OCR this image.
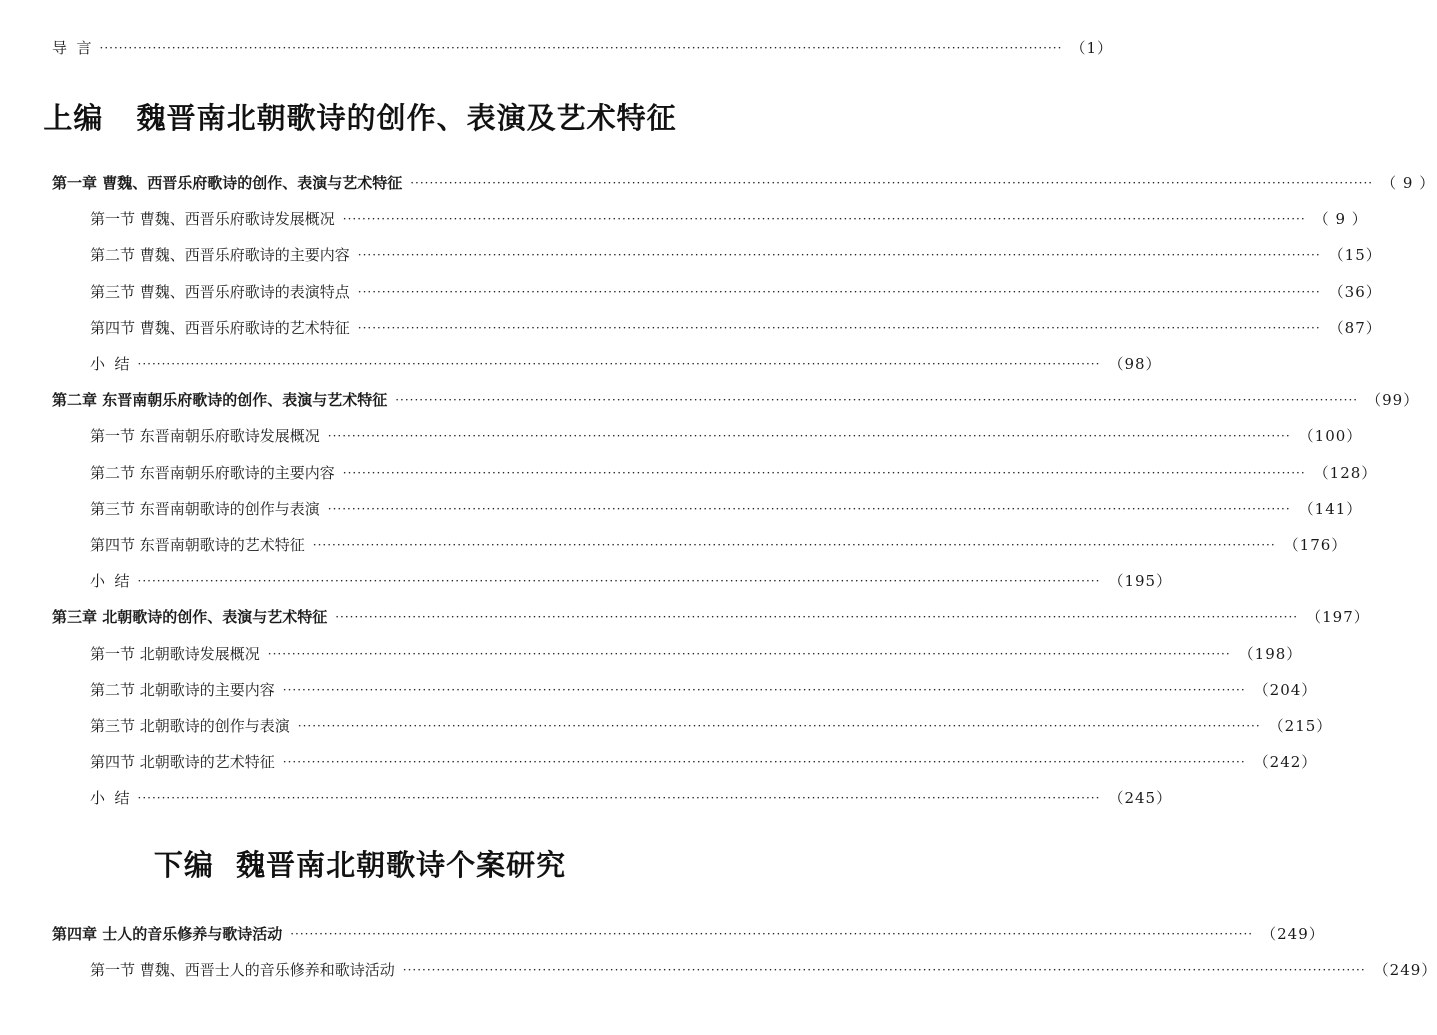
导  言 ········································································································································································································ （1）
上编   魏晋南北朝歌诗的创作、表演及艺术特征
第一章 曹魏、西晋乐府歌诗的创作、表演与艺术特征 ········································································································································································································ （ 9 ）
第一节 曹魏、西晋乐府歌诗发展概况 ········································································································································································································ （ 9 ）
第二节 曹魏、西晋乐府歌诗的主要内容 ········································································································································································································ （15）
第三节 曹魏、西晋乐府歌诗的表演特点 ········································································································································································································ （36）
第四节 曹魏、西晋乐府歌诗的艺术特征 ········································································································································································································ （87）
小  结 ········································································································································································································ （98）
第二章 东晋南朝乐府歌诗的创作、表演与艺术特征 ········································································································································································································ （99）
第一节 东晋南朝乐府歌诗发展概况 ········································································································································································································ （100）
第二节 东晋南朝乐府歌诗的主要内容 ········································································································································································································ （128）
第三节 东晋南朝歌诗的创作与表演 ········································································································································································································ （141）
第四节 东晋南朝歌诗的艺术特征 ········································································································································································································ （176）
小  结 ········································································································································································································ （195）
第三章 北朝歌诗的创作、表演与艺术特征 ········································································································································································································ （197）
第一节 北朝歌诗发展概况 ········································································································································································································ （198）
第二节 北朝歌诗的主要内容 ········································································································································································································ （204）
第三节 北朝歌诗的创作与表演 ········································································································································································································ （215）
第四节 北朝歌诗的艺术特征 ········································································································································································································ （242）
小  结 ········································································································································································································ （245）
下编  魏晋南北朝歌诗个案研究
第四章 士人的音乐修养与歌诗活动 ········································································································································································································ （249）
第一节 曹魏、西晋士人的音乐修养和歌诗活动 ········································································································································································································ （249）
